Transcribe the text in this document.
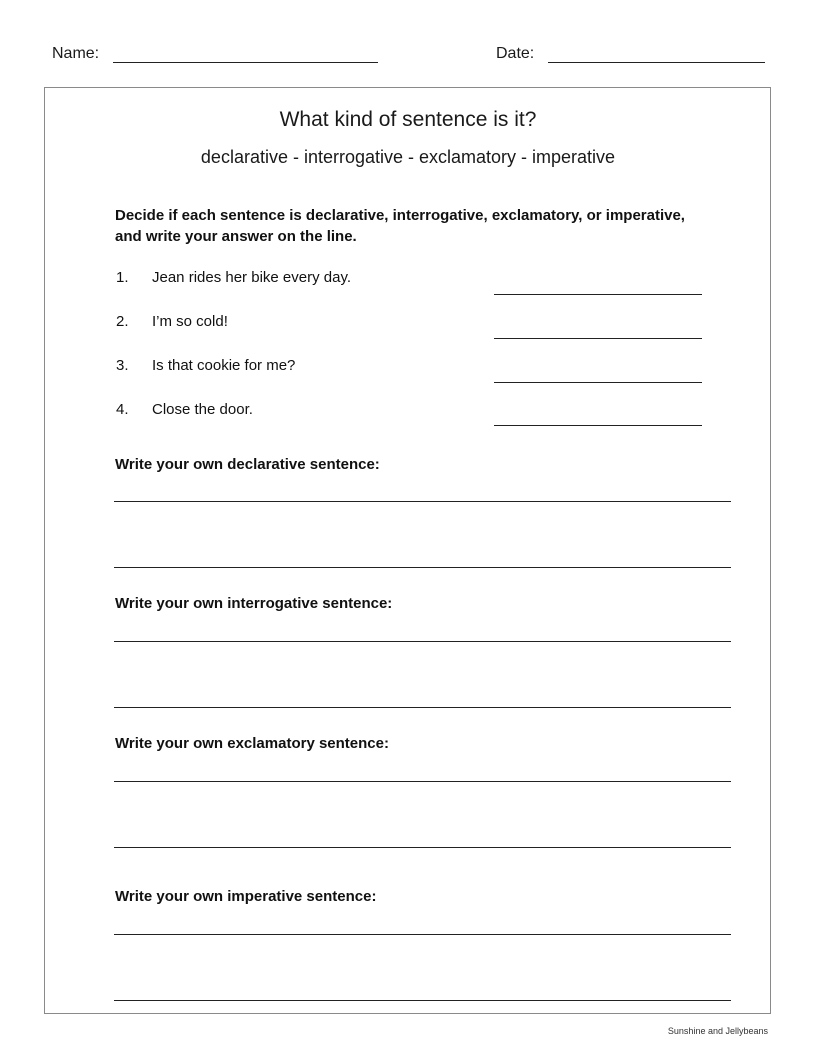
Name:	Date:
What kind of sentence is it?
declarative - interrogative - exclamatory - imperative
Decide if each sentence is declarative, interrogative, exclamatory, or imperative, and write your answer on the line.
1. Jean rides her bike every day.
2. I’m so cold!
3. Is that cookie for me?
4. Close the door.
Write your own declarative sentence:
Write your own interrogative sentence:
Write your own exclamatory sentence:
Write your own imperative sentence:
Sunshine and Jellybeans
